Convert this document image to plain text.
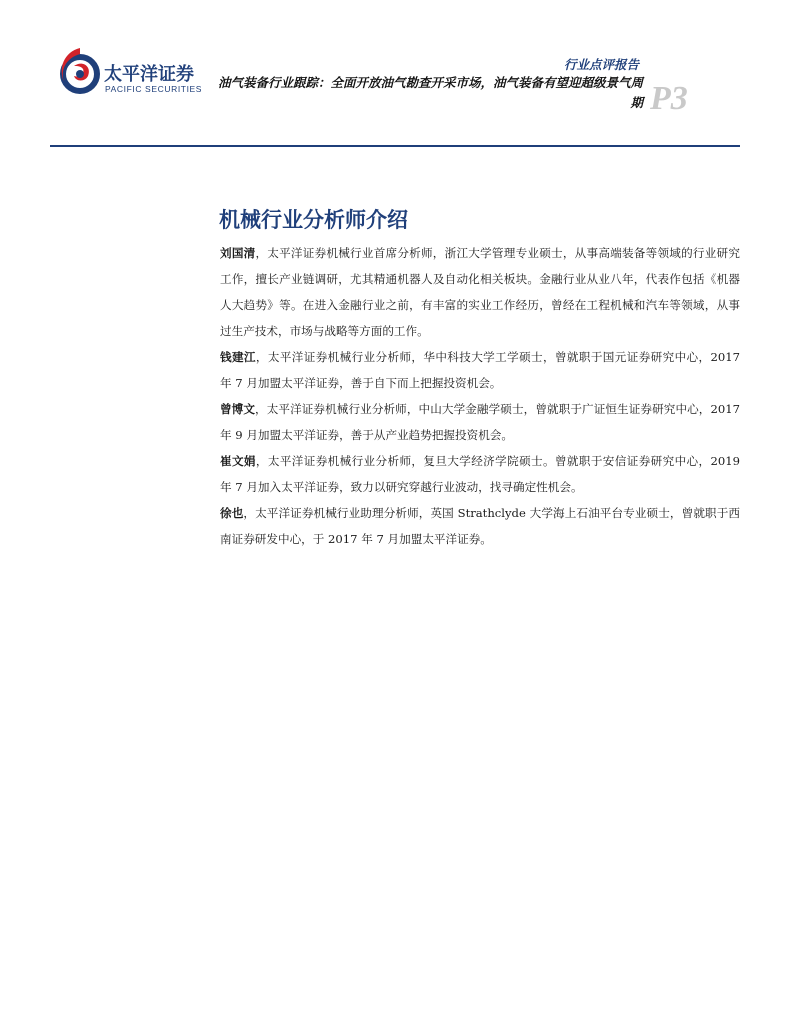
太平洋证券
PACIFIC SECURITIES
行业点评报告
油气装备行业跟踪：全面开放油气勘查开采市场，油气装备有望迎超级景气周期 P3
机械行业分析师介绍

刘国清，太平洋证券机械行业首席分析师，浙江大学管理专业硕士，从事高端装备等领域的行业研究工作，擅长产业链调研，尤其精通机器人及自动化相关板块。金融行业从业八年，代表作包括《机器人大趋势》等。在进入金融行业之前，有丰富的实业工作经历，曾经在工程机械和汽车等领域，从事过生产技术，市场与战略等方面的工作。

钱建江，太平洋证券机械行业分析师，华中科技大学工学硕士，曾就职于国元证券研究中心，2017 年 7 月加盟太平洋证券，善于自下而上把握投资机会。

曾博文，太平洋证券机械行业分析师，中山大学金融学硕士，曾就职于广证恒生证券研究中心，2017 年 9 月加盟太平洋证券，善于从产业趋势把握投资机会。

崔文娟，太平洋证券机械行业分析师，复旦大学经济学院硕士。曾就职于安信证券研究中心，2019 年 7 月加入太平洋证券，致力以研究穿越行业波动，找寻确定性机会。

徐也，太平洋证券机械行业助理分析师，英国 Strathclyde 大学海上石油平台专业硕士，曾就职于西南证券研发中心，于 2017 年 7 月加盟太平洋证券。
